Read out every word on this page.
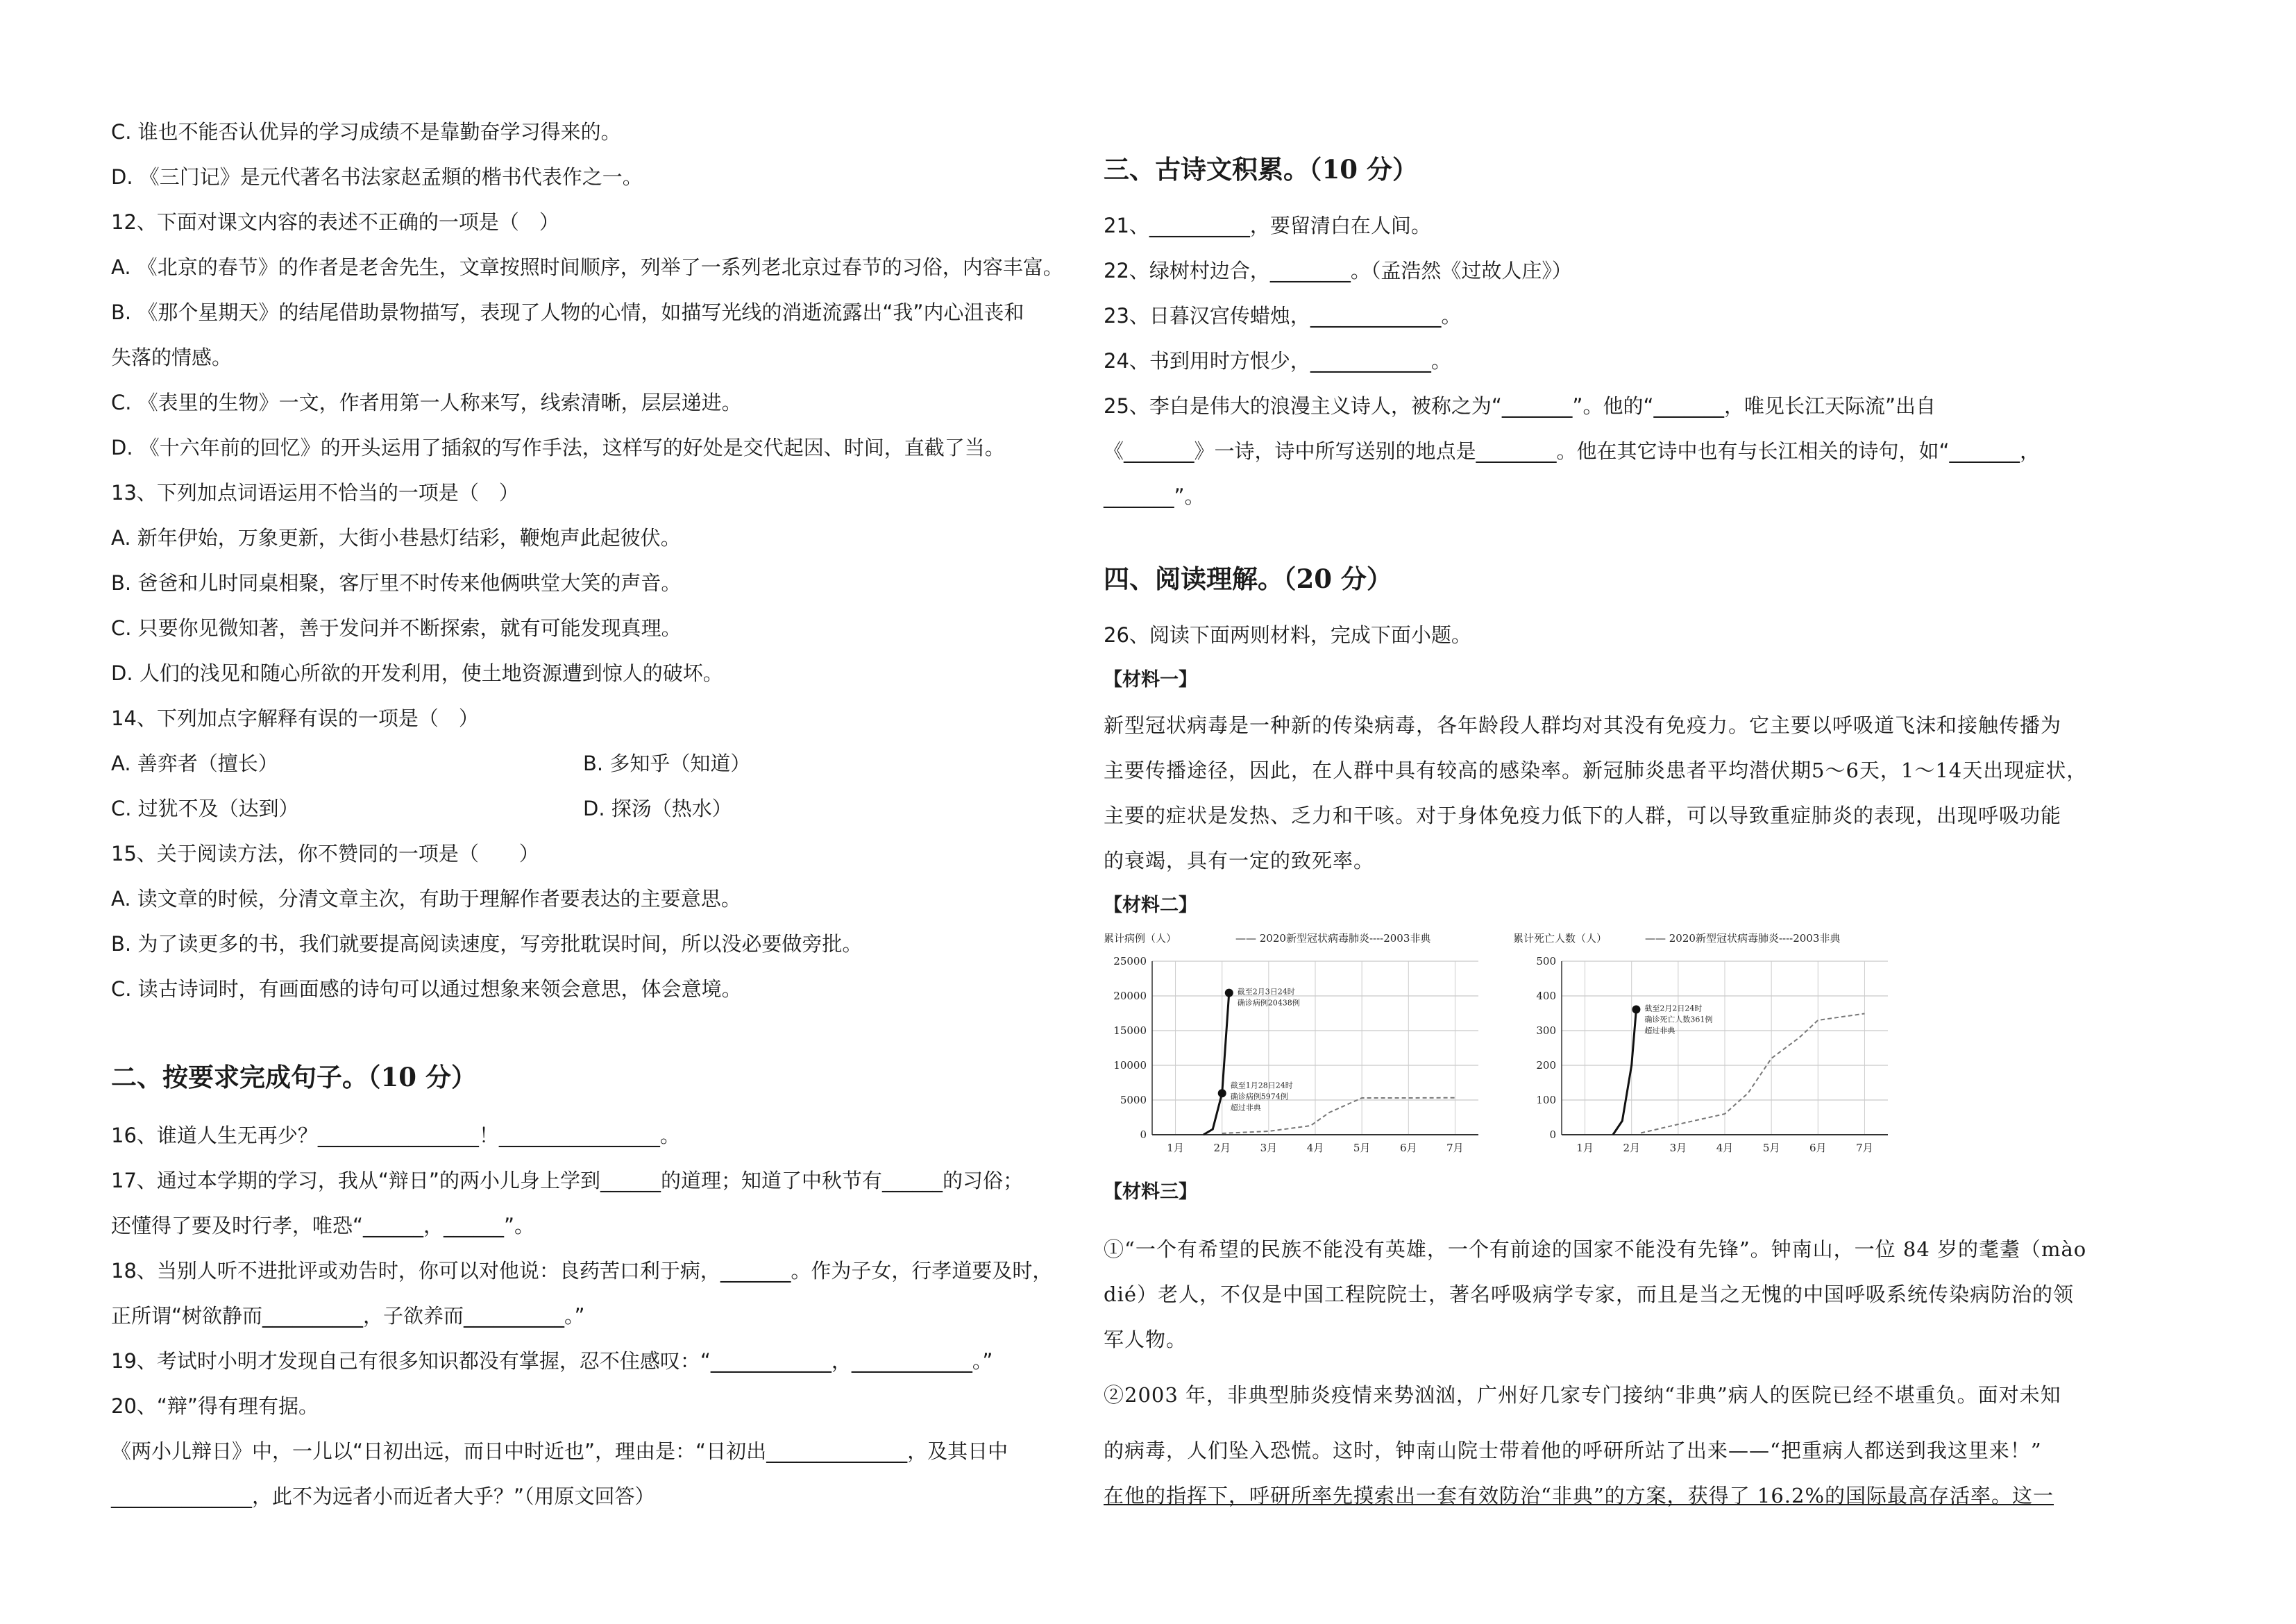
C. 谁也不能否认优异的学习成绩不是靠勤奋学习得来的。
D. 《三门记》是元代著名书法家赵孟頫的楷书代表作之一。
12、下面对课文内容的表述不正确的一项是（　）
A. 《北京的春节》的作者是老舍先生，文章按照时间顺序，列举了一系列老北京过春节的习俗，内容丰富。
B. 《那个星期天》的结尾借助景物描写，表现了人物的心情，如描写光线的消逝流露出“我”内心沮丧和
失落的情感。
C. 《表里的生物》一文，作者用第一人称来写，线索清晰，层层递进。
D. 《十六年前的回忆》的开头运用了插叙的写作手法，这样写的好处是交代起因、时间，直截了当。
13、下列加点词语运用不恰当的一项是（　）
A. 新年伊始，万象更新，大街小巷悬灯结彩，鞭炮声此起彼伏。
B. 爸爸和儿时同桌相聚，客厅里不时传来他俩哄堂大笑的声音。
C. 只要你见微知著，善于发问并不断探索，就有可能发现真理。
D. 人们的浅见和随心所欲的开发利用，使土地资源遭到惊人的破坏。
14、下列加点字解释有误的一项是（　）
A. 善弈者（擅长）	B. 多知乎（知道）
C. 过犹不及（达到）	D. 探汤（热水）
15、关于阅读方法，你不赞同的一项是（　　）
A. 读文章的时候，分清文章主次，有助于理解作者要表达的主要意思。
B. 为了读更多的书，我们就要提高阅读速度，写旁批耽误时间，所以没必要做旁批。
C. 读古诗词时，有画面感的诗句可以通过想象来领会意思，体会意境。
二、按要求完成句子。（10 分）
16、谁道人生无再少？________________！________________。
17、通过本学期的学习，我从“辩日”的两小儿身上学到______的道理；知道了中秋节有______的习俗；
还懂得了要及时行孝，唯恐“______，______”。
18、当别人听不进批评或劝告时，你可以对他说：良药苦口利于病，_______。作为子女，行孝道要及时，
正所谓“树欲静而__________，子欲养而__________。”
19、考试时小明才发现自己有很多知识都没有掌握，忍不住感叹：“____________，____________。”
20、“辩”得有理有据。
《两小儿辩日》中，一儿以“日初出远，而日中时近也”，理由是：“日初出______________，及其日中
______________，此不为远者小而近者大乎？”（用原文回答）
三、古诗文积累。（10 分）
21、__________，要留清白在人间。
22、绿树村边合，________。（孟浩然《过故人庄》）
23、日暮汉宫传蜡烛，_____________。
24、书到用时方恨少，____________。
25、李白是伟大的浪漫主义诗人，被称之为“_______”。他的“_______，唯见长江天际流”出自
《_______》一诗，诗中所写送别的地点是________。他在其它诗中也有与长江相关的诗句，如“_______，
_______”。
四、阅读理解。（20 分）
26、阅读下面两则材料，完成下面小题。
【材料一】
新型冠状病毒是一种新的传染病毒，各年龄段人群均对其没有免疫力。它主要以呼吸道飞沫和接触传播为
主要传播途径，因此，在人群中具有较高的感染率。新冠肺炎患者平均潜伏期5～6天，1～14天出现症状，
主要的症状是发热、乏力和干咳。对于身体免疫力低下的人群，可以导致重症肺炎的表现，出现呼吸功能
的衰竭，具有一定的致死率。
【材料二】
累计病例（人）	—— 2020新型冠状病毒肺炎----2003非典
0
5000
10000
15000
20000
25000
1月	2月	3月	4月	5月	6月	7月
截至2月3日24时
确诊病例20438例
截至1月28日24时
确诊病例5974例
超过非典
累计死亡人数（人）	—— 2020新型冠状病毒肺炎----2003非典
0
100
200
300
400
500
1月	2月	3月	4月	5月	6月	7月
截至2月2日24时
确诊死亡人数361例
超过非典
【材料三】
①“一个有希望的民族不能没有英雄，一个有前途的国家不能没有先锋”。钟南山，一位 84 岁的耄耋（mào
dié）老人，不仅是中国工程院院士，著名呼吸病学专家，而且是当之无愧的中国呼吸系统传染病防治的领
军人物。
②2003 年，非典型肺炎疫情来势汹汹，广州好几家专门接纳“非典”病人的医院已经不堪重负。面对未知
的病毒，人们坠入恐慌。这时，钟南山院士带着他的呼研所站了出来——“把重病人都送到我这里来！”
在他的指挥下，呼研所率先摸索出一套有效防治“非典”的方案，获得了 16.2%的国际最高存活率。这一
